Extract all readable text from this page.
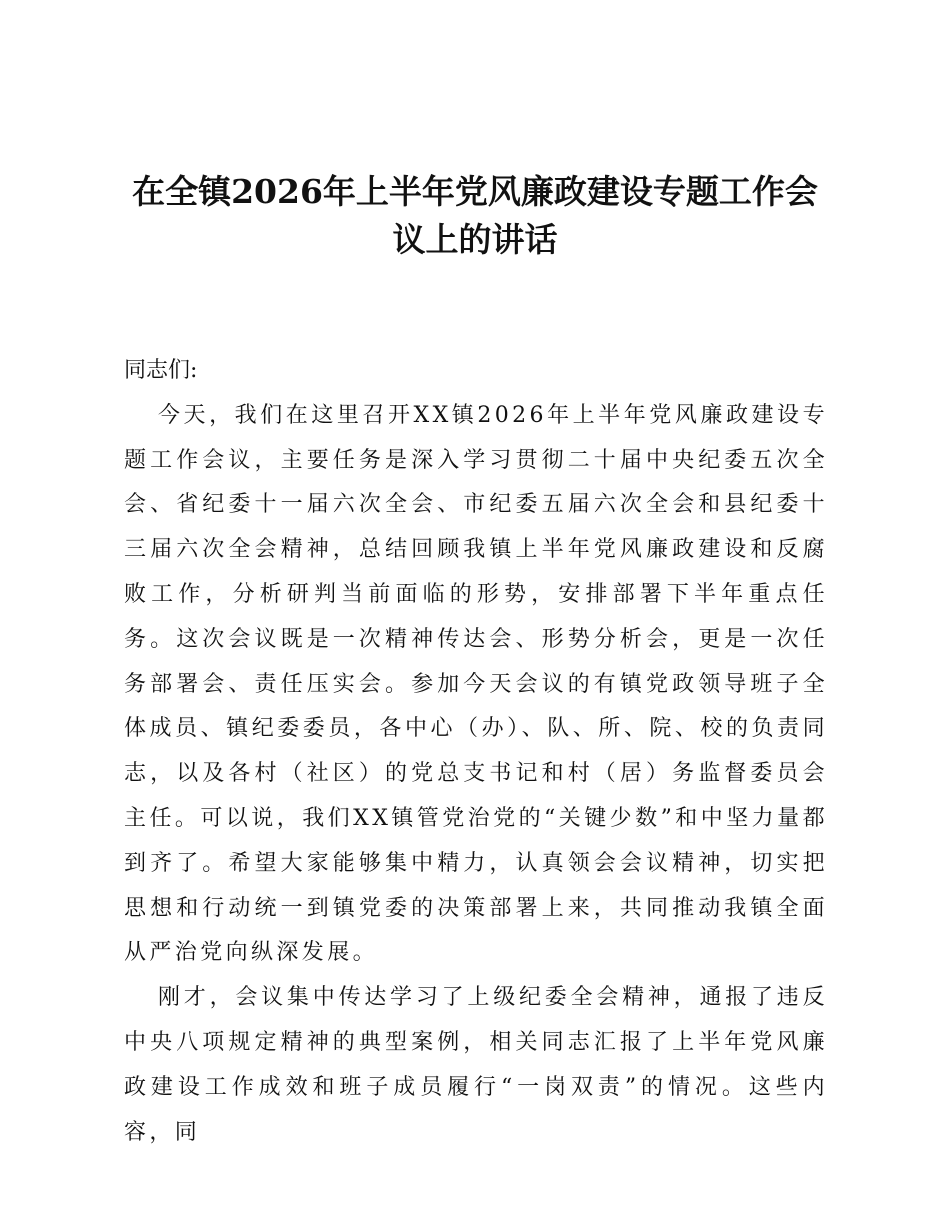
在全镇2026年上半年党风廉政建设专题工作会议上的讲话

同志们:

今天，我们在这里召开XX镇2026年上半年党风廉政建设专题工作会议，主要任务是深入学习贯彻二十届中央纪委五次全会、省纪委十一届六次全会、市纪委五届六次全会和县纪委十三届六次全会精神，总结回顾我镇上半年党风廉政建设和反腐败工作，分析研判当前面临的形势，安排部署下半年重点任务。这次会议既是一次精神传达会、形势分析会，更是一次任务部署会、责任压实会。参加今天会议的有镇党政领导班子全体成员、镇纪委委员，各中心（办）、队、所、院、校的负责同志，以及各村（社区）的党总支书记和村（居）务监督委员会主任。可以说，我们XX镇管党治党的“关键少数”和中坚力量都到齐了。希望大家能够集中精力，认真领会会议精神，切实把思想和行动统一到镇党委的决策部署上来，共同推动我镇全面从严治党向纵深发展。

刚才，会议集中传达学习了上级纪委全会精神，通报了违反中央八项规定精神的典型案例，相关同志汇报了上半年党风廉政建设工作成效和班子成员履行“一岗双责”的情况。这些内容，同
